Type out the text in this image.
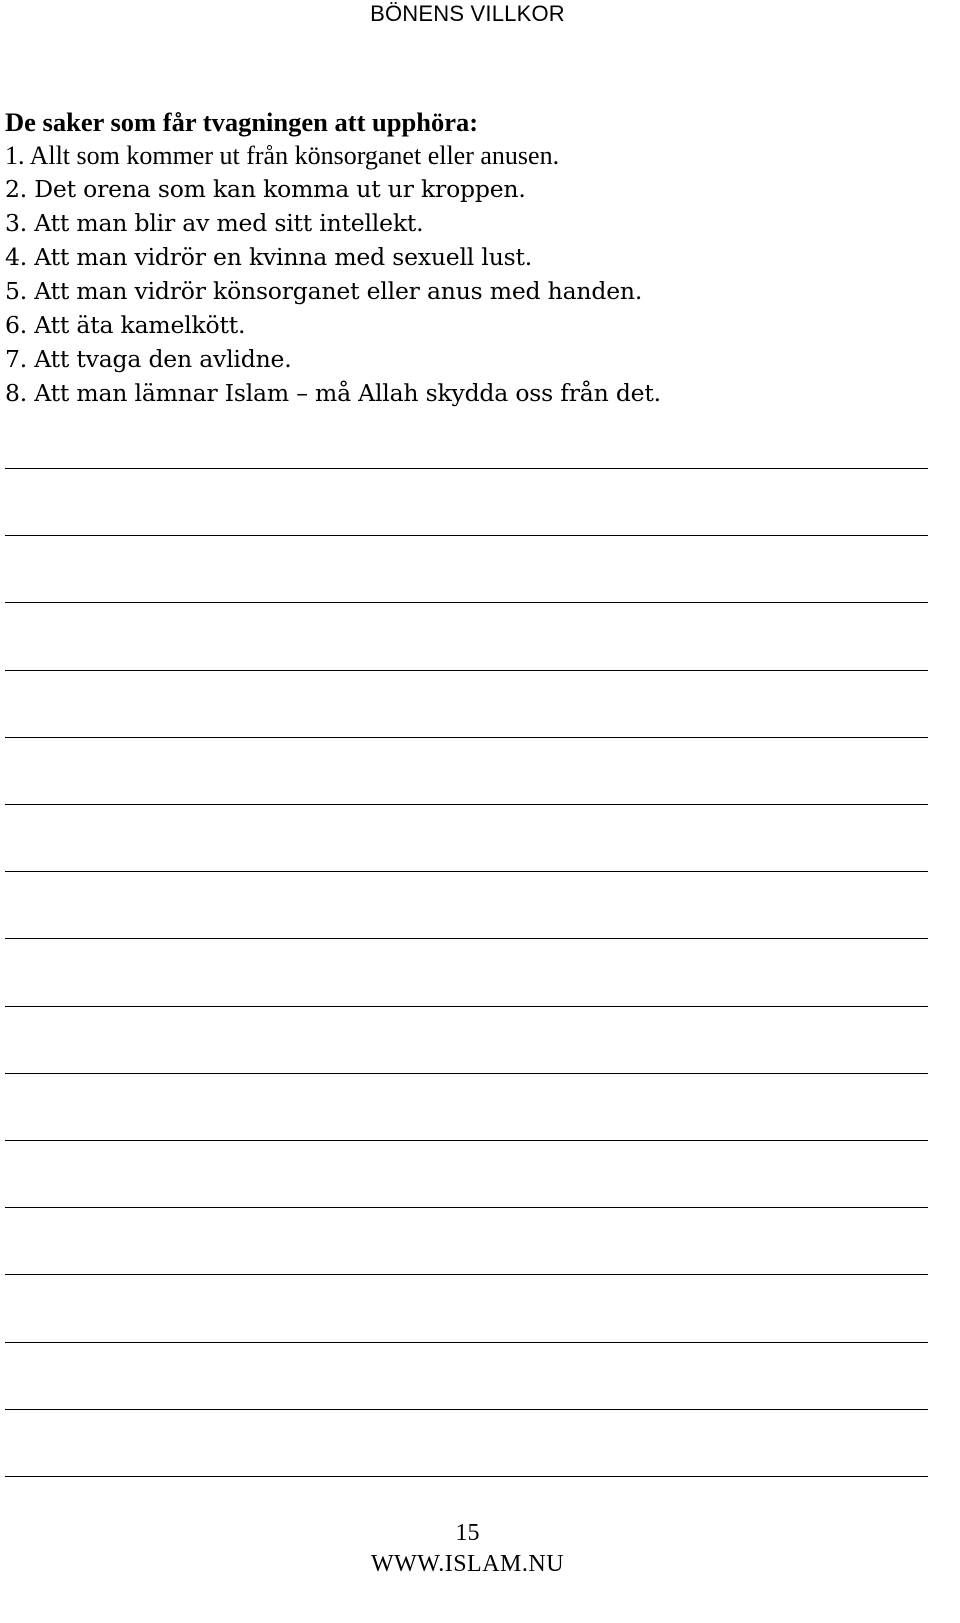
BÖNENS VILLKOR

De saker som får tvagningen att upphöra:

1. Allt som kommer ut från könsorganet eller anusen.
2. Det orena som kan komma ut ur kroppen.
3. Att man blir av med sitt intellekt.
4. Att man vidrör en kvinna med sexuell lust.
5. Att man vidrör könsorganet eller anus med handen.
6. Att äta kamelkött.
7. Att tvaga den avlidne.
8. Att man lämnar Islam – må Allah skydda oss från det.
15
WWW.ISLAM.NU
